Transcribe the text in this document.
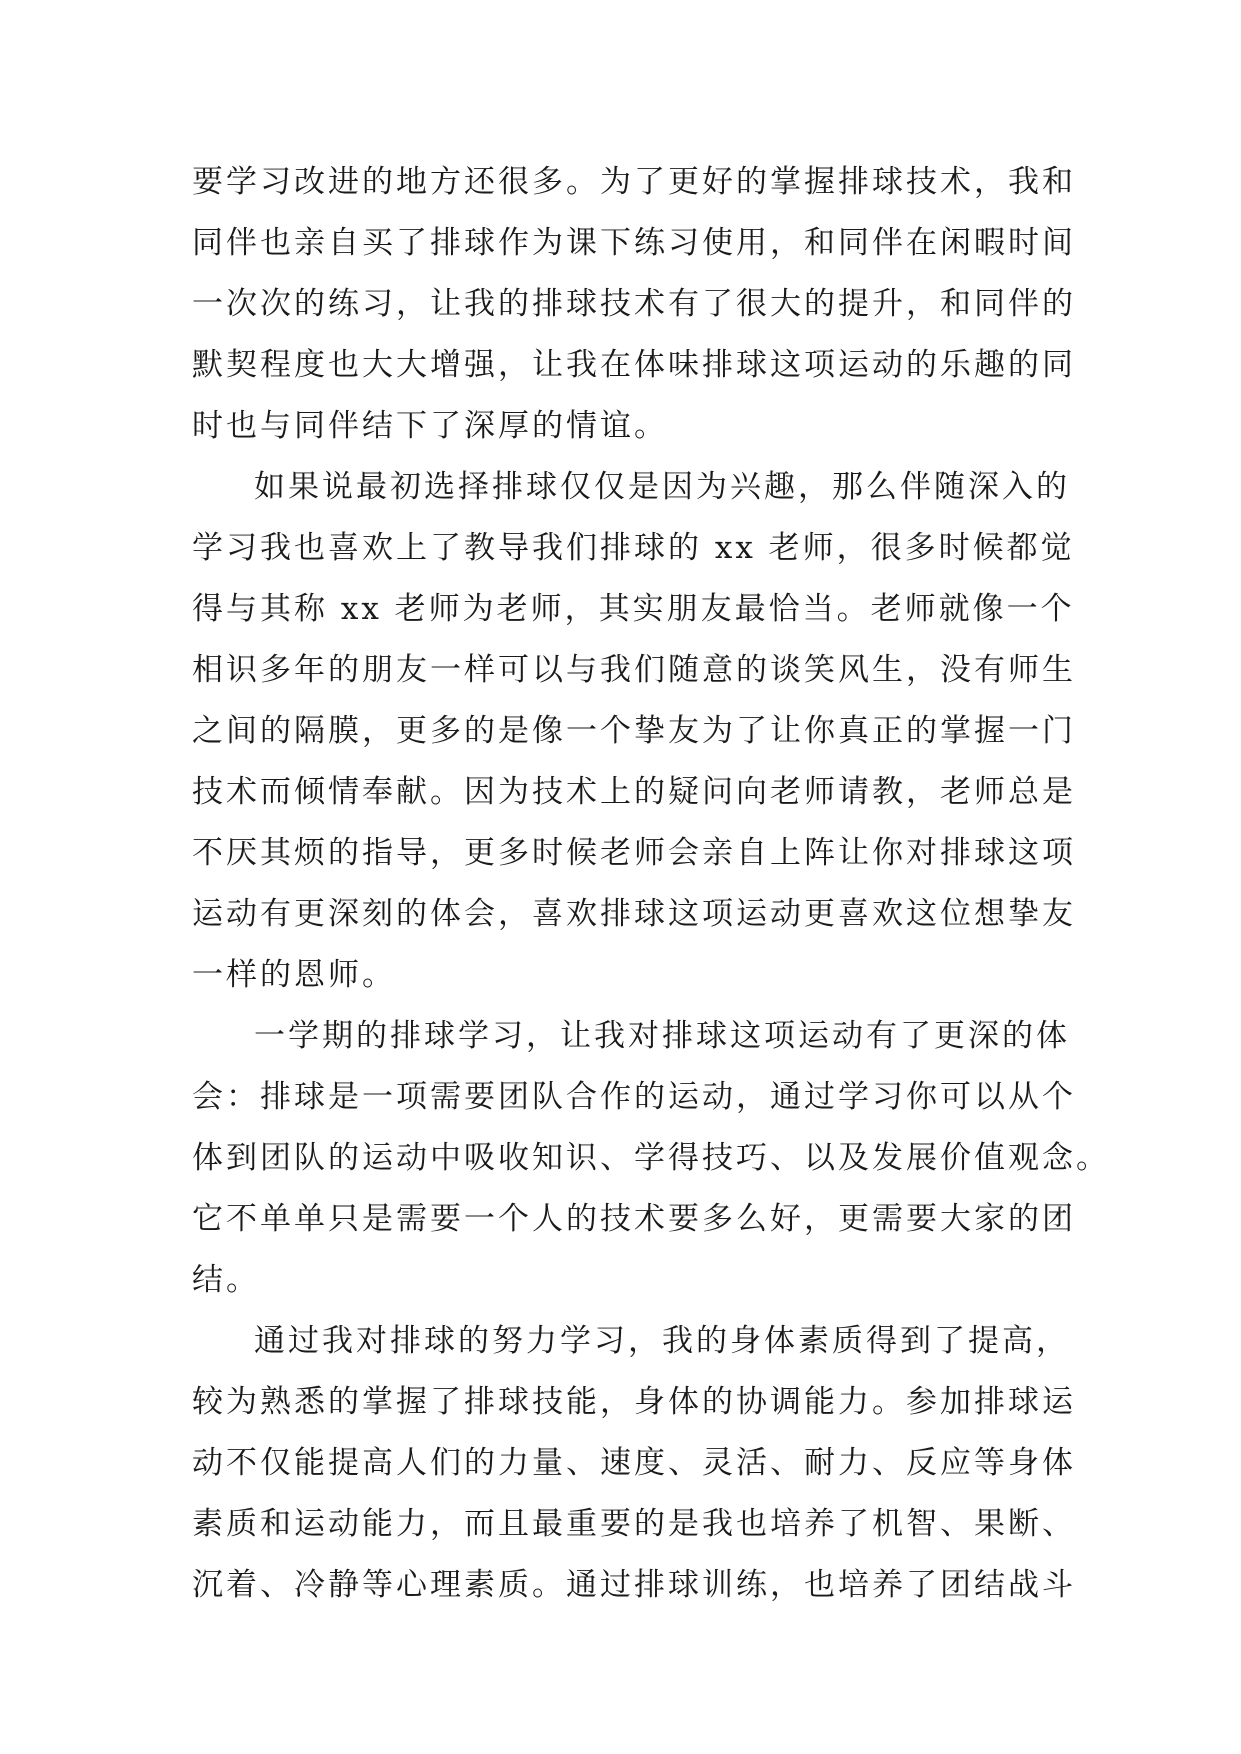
要学习改进的地方还很多。为了更好的掌握排球技术，我和
同伴也亲自买了排球作为课下练习使用，和同伴在闲暇时间
一次次的练习，让我的排球技术有了很大的提升，和同伴的
默契程度也大大增强，让我在体味排球这项运动的乐趣的同
时也与同伴结下了深厚的情谊。
如果说最初选择排球仅仅是因为兴趣，那么伴随深入的
学习我也喜欢上了教导我们排球的 xx 老师，很多时候都觉
得与其称 xx 老师为老师，其实朋友最恰当。老师就像一个
相识多年的朋友一样可以与我们随意的谈笑风生，没有师生
之间的隔膜，更多的是像一个挚友为了让你真正的掌握一门
技术而倾情奉献。因为技术上的疑问向老师请教，老师总是
不厌其烦的指导，更多时候老师会亲自上阵让你对排球这项
运动有更深刻的体会，喜欢排球这项运动更喜欢这位想挚友
一样的恩师。
一学期的排球学习，让我对排球这项运动有了更深的体
会：排球是一项需要团队合作的运动，通过学习你可以从个
体到团队的运动中吸收知识、学得技巧、以及发展价值观念。
它不单单只是需要一个人的技术要多么好，更需要大家的团
结。
通过我对排球的努力学习，我的身体素质得到了提高，
较为熟悉的掌握了排球技能，身体的协调能力。参加排球运
动不仅能提高人们的力量、速度、灵活、耐力、反应等身体
素质和运动能力，而且最重要的是我也培养了机智、果断、
沉着、冷静等心理素质。通过排球训练，也培养了团结战斗
